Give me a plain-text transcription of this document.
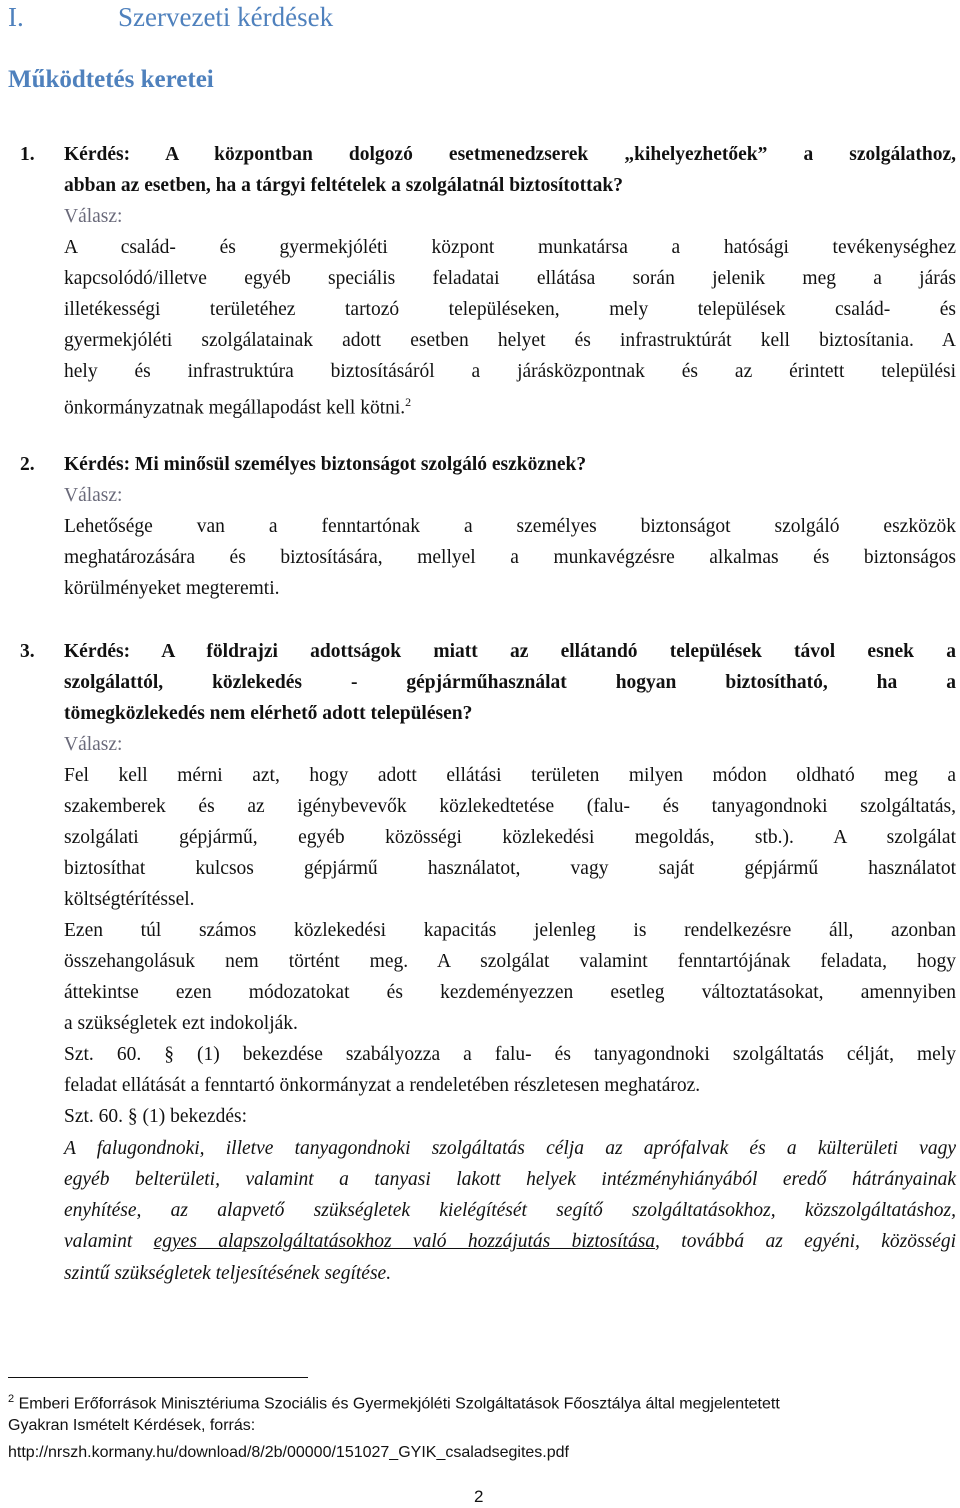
I.	Szervezeti kérdések
Működtetés keretei
1. Kérdés: A központban dolgozó esetmenedzserek „kihelyezhetőek” a szolgálathoz,
abban az esetben, ha a tárgyi feltételek a szolgálatnál biztosítottak?
Válasz:
A család- és gyermekjóléti központ munkatársa a hatósági tevékenységhez
kapcsolódó/illetve egyéb speciális feladatai ellátása során jelenik meg a járás
illetékességi területéhez tartozó településeken, mely települések család- és
gyermekjóléti szolgálatainak adott esetben helyet és infrastruktúrát kell biztosítania. A
hely és infrastruktúra biztosításáról a járásközpontnak és az érintett települési
önkormányzatnak megállapodást kell kötni.$^2$
2. Kérdés: Mi minősül személyes biztonságot szolgáló eszköznek?
Válasz:
Lehetősége van a fenntartónak a személyes biztonságot szolgáló eszközök
meghatározására és biztosítására, mellyel a munkavégzésre alkalmas és biztonságos
körülményeket megteremti.
3. Kérdés: A földrajzi adottságok miatt az ellátandó települések távol esnek a
szolgálattól, közlekedés - gépjárműhasználat hogyan biztosítható, ha a
tömegközlekedés nem elérhető adott településen?
Válasz:
Fel kell mérni azt, hogy adott ellátási területen milyen módon oldható meg a
szakemberek és az igénybevevők közlekedtetése (falu- és tanyagondnoki szolgáltatás,
szolgálati gépjármű, egyéb közösségi közlekedési megoldás, stb.). A szolgálat
biztosíthat kulcsos gépjármű használatot, vagy saját gépjármű használatot
költségtérítéssel.
Ezen túl számos közlekedési kapacitás jelenleg is rendelkezésre áll, azonban
összehangolásuk nem történt meg. A szolgálat valamint fenntartójának feladata, hogy
áttekintse ezen módozatokat és kezdeményezzen esetleg változtatásokat, amennyiben
a szükségletek ezt indokolják.
Szt. 60. § (1) bekezdése szabályozza a falu- és tanyagondnoki szolgáltatás célját, mely
feladat ellátását a fenntartó önkormányzat a rendeletében részletesen meghatároz.
Szt. 60. § (1) bekezdés:
A falugondnoki, illetve tanyagondnoki szolgáltatás célja az aprófalvak és a külterületi vagy
egyéb belterületi, valamint a tanyasi lakott helyek intézményhiányából eredő hátrányainak
enyhítése, az alapvető szükségletek kielégítését segítő szolgáltatásokhoz, közszolgáltatáshoz,
valamint egyes alapszolgáltatásokhoz való hozzájutás biztosítása, továbbá az egyéni, közösségi
szintű szükségletek teljesítésének segítése.
$^2$ Emberi Erőforrások Minisztériuma Szociális és Gyermekjóléti Szolgáltatások Főosztálya által megjelentetett
Gyakran Ismételt Kérdések, forrás:
http://nrszh.kormany.hu/download/8/2b/00000/151027_GYIK_csaladsegites.pdf
2
